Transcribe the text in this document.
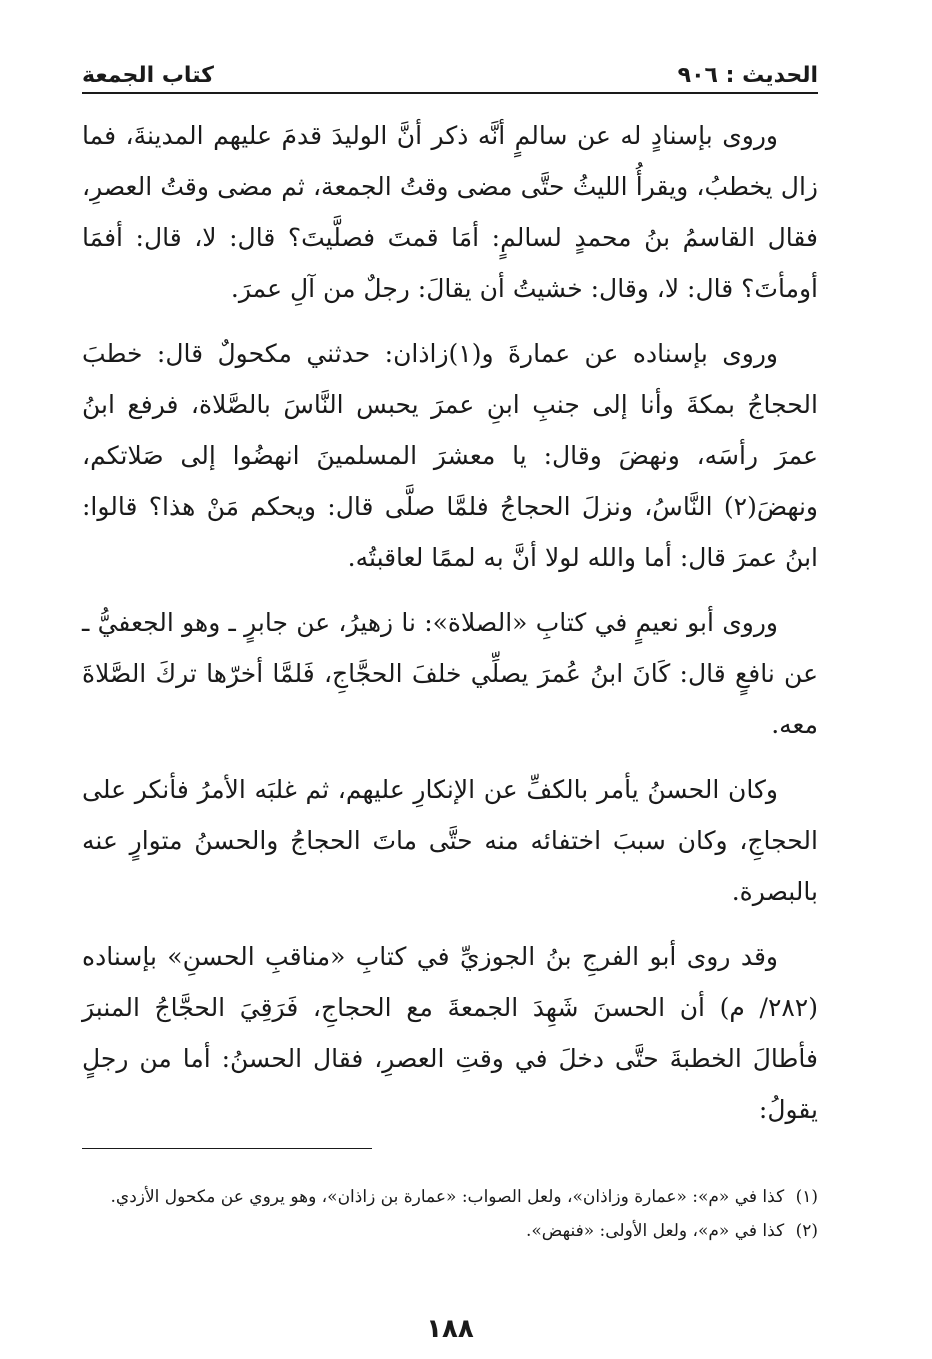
الحديث : ٩٠٦
كتاب الجمعة

وروى بإسنادٍ له عن سالمٍ أنَّه ذكر أنَّ الوليدَ قدمَ عليهم المدينةَ، فما زال يخطبُ، ويقرأُ الليثُ حتَّى مضى وقتُ الجمعة، ثم مضى وقتُ العصرِ، فقال القاسمُ بنُ محمدٍ لسالمٍ: أمَا قمتَ فصلَّيتَ؟ قال: لا، قال: أفمَا أومأتَ؟ قال: لا، وقال: خشيتُ أن يقالَ: رجلٌ من آلِ عمرَ.

وروى بإسناده عن عمارةَ و(١)زاذان: حدثني مكحولٌ قال: خطبَ الحجاجُ بمكةَ وأنا إلى جنبِ ابنِ عمرَ يحبس النَّاسَ بالصَّلاة، فرفع ابنُ عمرَ رأسَه، ونهضَ وقال: يا معشرَ المسلمينَ انهضُوا إلى صَلاتكم، ونهضَ(٢) النَّاسُ، ونزلَ الحجاجُ فلمَّا صلَّى قال: ويحكم مَنْ هذا؟ قالوا: ابنُ عمرَ قال: أما والله لولا أنَّ به لممًا لعاقبتُه.

وروى أبو نعيمٍ في كتابِ «الصلاة»: نا زهيرُ، عن جابرٍ ـ وهو الجعفيُّ ـ عن نافعٍ قال: كَانَ ابنُ عُمرَ يصلِّي خلفَ الحجَّاجِ، فَلمَّا أخرّها تركَ الصَّلاةَ معه.

وكان الحسنُ يأمر بالكفِّ عن الإنكارِ عليهم، ثم غلبَه الأمرُ فأنكر على الحجاجِ، وكان سببَ اختفائه منه حتَّى ماتَ الحجاجُ والحسنُ متوارٍ عنه بالبصرة.

وقد روى أبو الفرجِ بنُ الجوزيِّ في كتابِ «مناقبِ الحسنِ» بإسناده (٢٨٢/ م) أن الحسنَ شَهِدَ الجمعةَ مع الحجاجِ، فَرَقِيَ الحجَّاجُ المنبرَ فأطالَ الخطبةَ حتَّى دخلَ في وقتِ العصرِ، فقال الحسنُ: أما من رجلٍ يقولُ:

(١) كذا في «م»: «عمارة وزاذان»، ولعل الصواب: «عمارة بن زاذان»، وهو يروي عن مكحول الأزدي.

(٢) كذا في «م»، ولعل الأولى: «فنهض».

١٨٨
